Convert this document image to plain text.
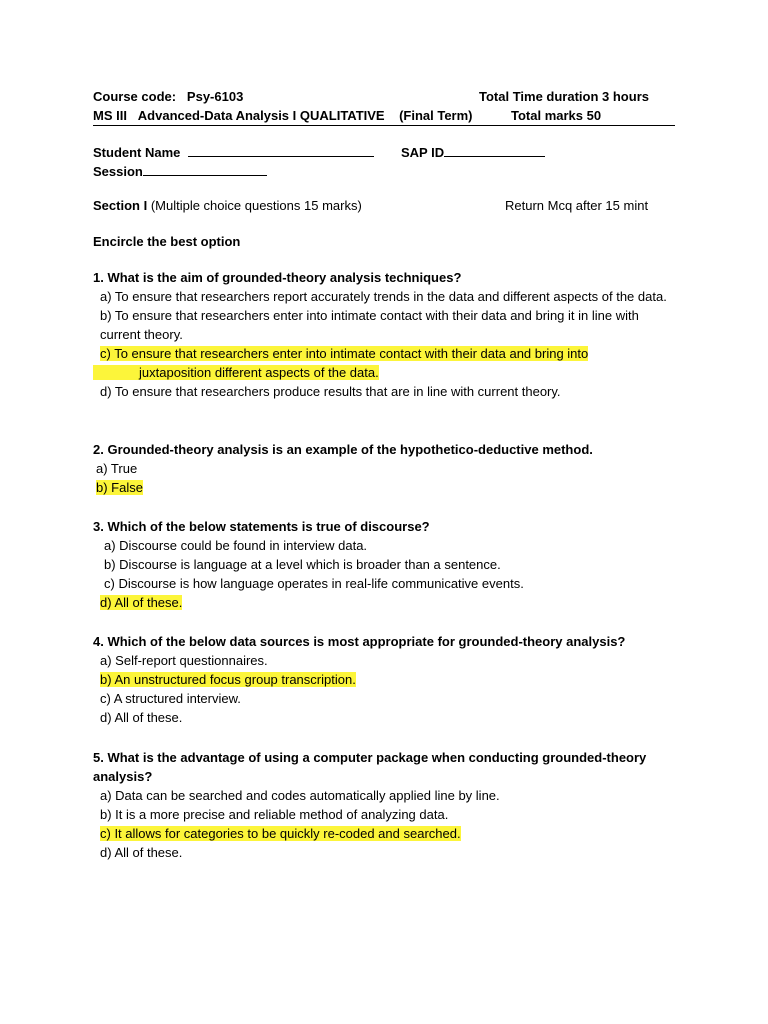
Course code: Psy-6103	Total Time duration 3 hours
MS III Advanced-Data Analysis I QUALITATIVE (Final Term)	Total marks 50
Student Name	SAP ID
Session
Section I (Multiple choice questions 15 marks)	Return Mcq after 15 mint
Encircle the best option

1. What is the aim of grounded-theory analysis techniques?

a) To ensure that researchers report accurately trends in the data and different aspects of the data.

b) To ensure that researchers enter into intimate contact with their data and bring it in line with current theory.

c) To ensure that researchers enter into intimate contact with their data and bring into

juxtaposition different aspects of the data.

d) To ensure that researchers produce results that are in line with current theory.

2. Grounded-theory analysis is an example of the hypothetico-deductive method.

a) True

b) False

3. Which of the below statements is true of discourse?

a) Discourse could be found in interview data.

b) Discourse is language at a level which is broader than a sentence.

c) Discourse is how language operates in real-life communicative events.

d) All of these.

4. Which of the below data sources is most appropriate for grounded-theory analysis?

a) Self-report questionnaires.

b) An unstructured focus group transcription.

c) A structured interview.

d) All of these.

5. What is the advantage of using a computer package when conducting grounded-theory analysis?

a) Data can be searched and codes automatically applied line by line.

b) It is a more precise and reliable method of analyzing data.

c) It allows for categories to be quickly re-coded and searched.

d) All of these.
